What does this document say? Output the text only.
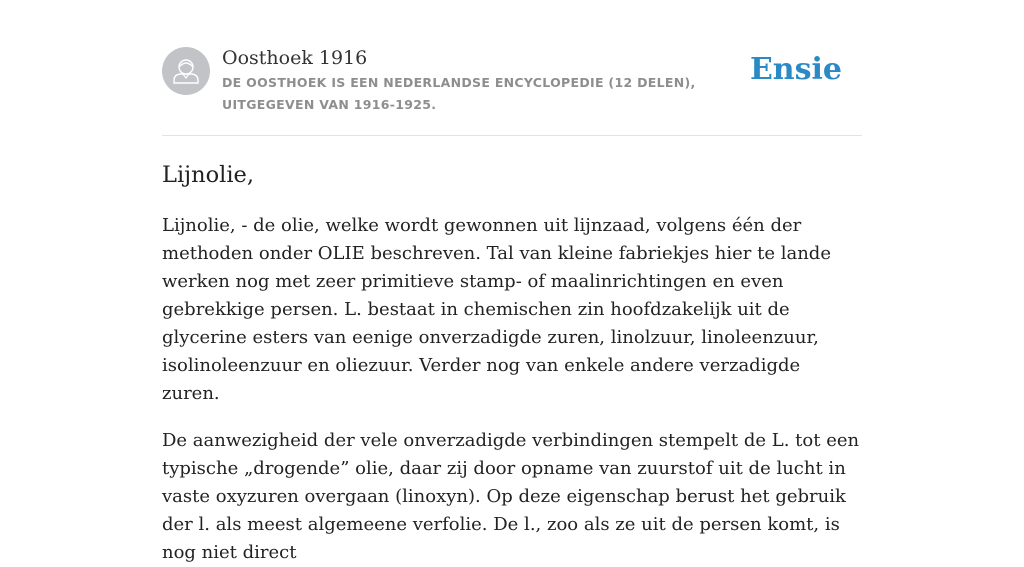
Oosthoek 1916
DE OOSTHOEK IS EEN NEDERLANDSE ENCYCLOPEDIE (12 DELEN), UITGEGEVEN VAN 1916-1925.
Ensie
Lijnolie,

Lijnolie, - de olie, welke wordt gewonnen uit lijnzaad, volgens één der methoden onder OLIE beschreven. Tal van kleine fabriekjes hier te lande werken nog met zeer primitieve stamp- of maalinrichtingen en even gebrekkige persen. L. bestaat in chemischen zin hoofdzakelijk uit de glycerine esters van eenige onverzadigde zuren, linolzuur, linoleenzuur, isolinoleenzuur en oliezuur. Verder nog van enkele andere verzadigde zuren.

De aanwezigheid der vele onverzadigde verbindingen stempelt de L. tot een typische „drogende” olie, daar zij door opname van zuurstof uit de lucht in vaste oxyzuren overgaan (linoxyn). Op deze eigenschap berust het gebruik der l. als meest algemeene verfolie. De l., zoo als ze uit de persen komt, is nog niet direct
